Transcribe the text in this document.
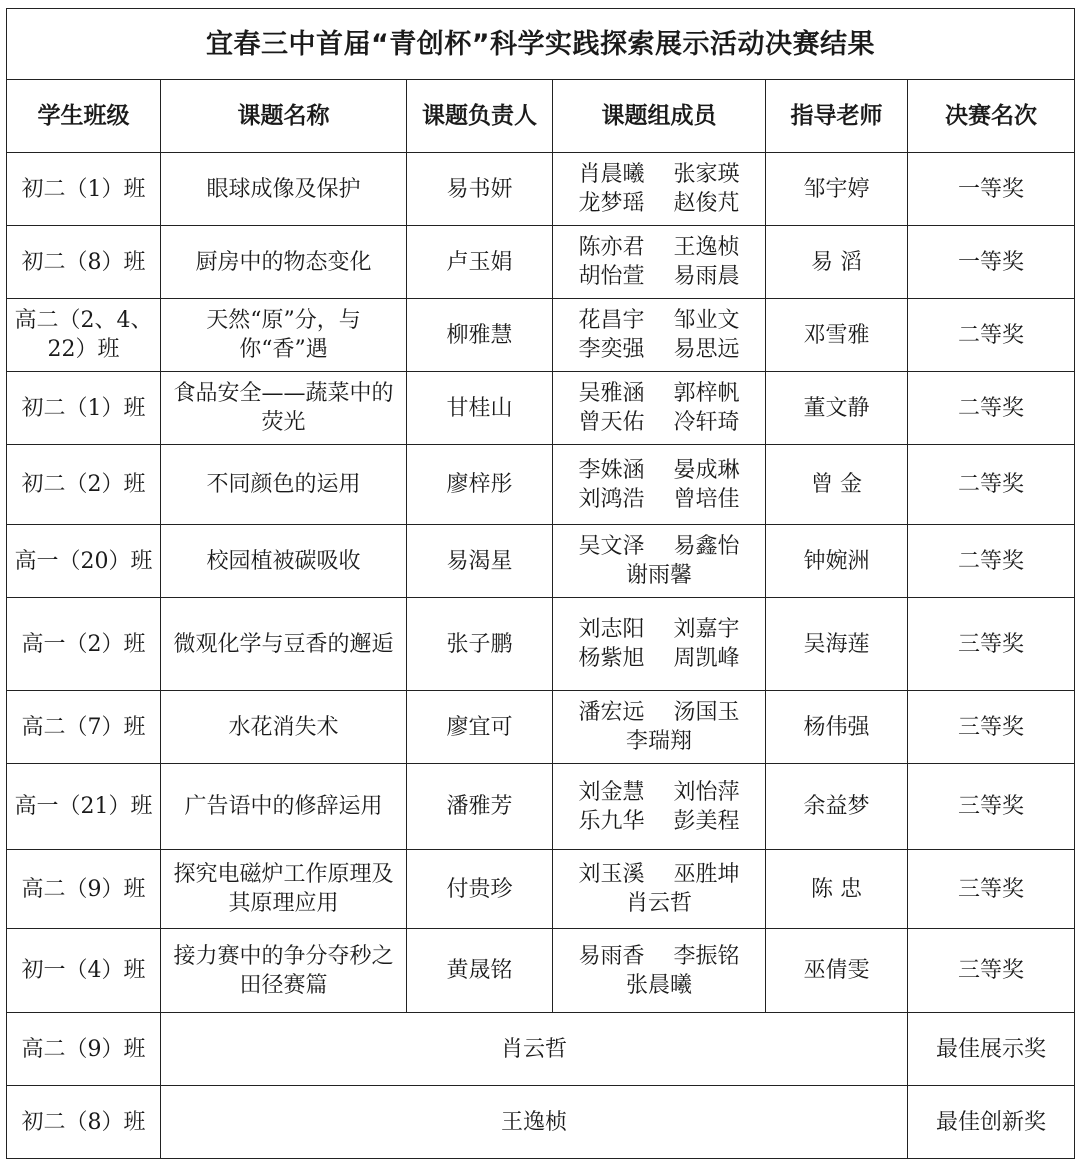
宜春三中首届“青创杯”科学实践探索展示活动决赛结果					
学生班级	课题名称	课题负责人	课题组成员	指导老师	决赛名次
初二（1）班	眼球成像及保护	易书妍	肖晨曦 张家瑛
龙梦瑶 赵俊芃	邹宇婷	一等奖
初二（8）班	厨房中的物态变化	卢玉娟	陈亦君 王逸桢
胡怡萱 易雨晨	易 滔	一等奖
高二（2、4、22）班	天然“原”分，与你“香”遇	柳雅慧	花昌宇 邹业文
李奕强 易思远	邓雪雅	二等奖
初二（1）班	食品安全——蔬菜中的荧光	甘桂山	吴雅涵 郭梓帆
曾天佑 冷轩琦	董文静	二等奖
初二（2）班	不同颜色的运用	廖梓彤	李姝涵 晏成琳
刘鸿浩 曾培佳	曾 金	二等奖
高一（20）班	校园植被碳吸收	易渴星	吴文泽 易鑫怡
谢雨馨	钟婉洲	二等奖
高一（2）班	微观化学与豆香的邂逅	张子鹏	刘志阳 刘嘉宇
杨紫旭 周凯峰	吴海莲	三等奖
高二（7）班	水花消失术	廖宜可	潘宏远 汤国玉
李瑞翔	杨伟强	三等奖
高一（21）班	广告语中的修辞运用	潘雅芳	刘金慧 刘怡萍
乐九华 彭美程	余益梦	三等奖
高二（9）班	探究电磁炉工作原理及其原理应用	付贵珍	刘玉溪 巫胜坤
肖云哲	陈 忠	三等奖
初一（4）班	接力赛中的争分夺秒之田径赛篇	黄晟铭	易雨香 李振铭
张晨曦	巫倩雯	三等奖
高二（9）班	肖云哲				最佳展示奖
初二（8）班	王逸桢				最佳创新奖
